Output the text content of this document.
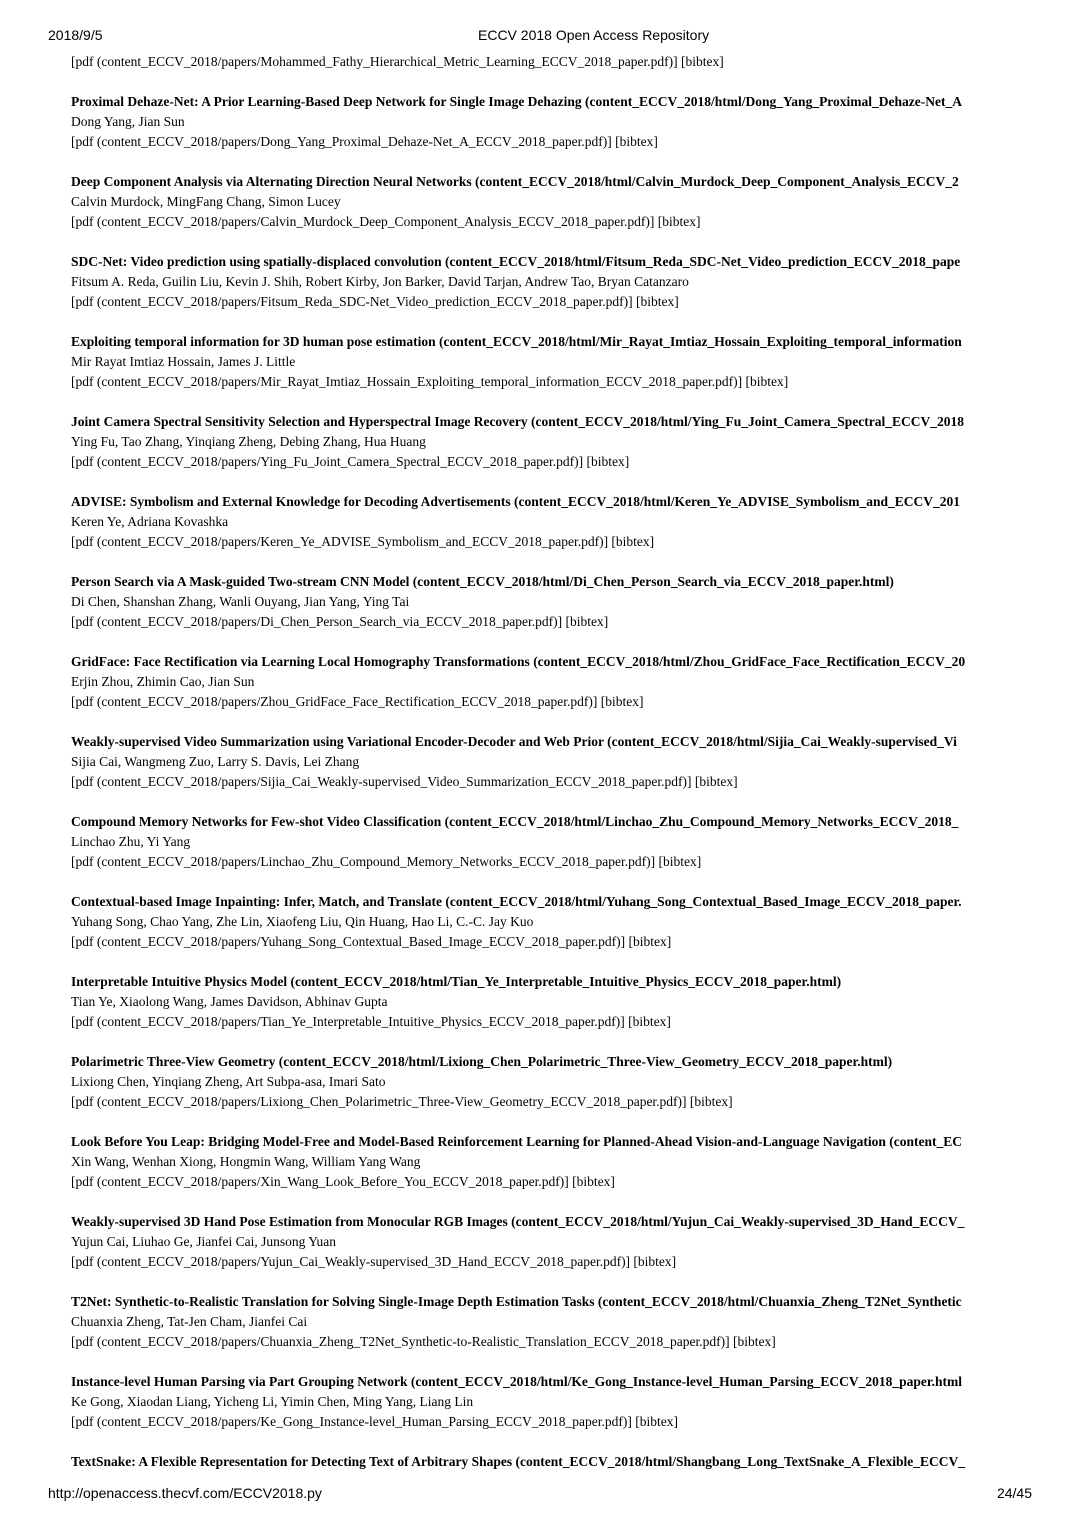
2018/9/5	ECCV 2018 Open Access Repository
[pdf (content_ECCV_2018/papers/Mohammed_Fathy_Hierarchical_Metric_Learning_ECCV_2018_paper.pdf)] [bibtex]
Proximal Dehaze-Net: A Prior Learning-Based Deep Network for Single Image Dehazing (content_ECCV_2018/html/Dong_Yang_Proximal_Dehaze-Net_A
Dong Yang, Jian Sun
[pdf (content_ECCV_2018/papers/Dong_Yang_Proximal_Dehaze-Net_A_ECCV_2018_paper.pdf)] [bibtex]
Deep Component Analysis via Alternating Direction Neural Networks (content_ECCV_2018/html/Calvin_Murdock_Deep_Component_Analysis_ECCV_2
Calvin Murdock, MingFang Chang, Simon Lucey
[pdf (content_ECCV_2018/papers/Calvin_Murdock_Deep_Component_Analysis_ECCV_2018_paper.pdf)] [bibtex]
SDC-Net: Video prediction using spatially-displaced convolution (content_ECCV_2018/html/Fitsum_Reda_SDC-Net_Video_prediction_ECCV_2018_pape
Fitsum A. Reda, Guilin Liu, Kevin J. Shih, Robert Kirby, Jon Barker, David Tarjan, Andrew Tao, Bryan Catanzaro
[pdf (content_ECCV_2018/papers/Fitsum_Reda_SDC-Net_Video_prediction_ECCV_2018_paper.pdf)] [bibtex]
Exploiting temporal information for 3D human pose estimation (content_ECCV_2018/html/Mir_Rayat_Imtiaz_Hossain_Exploiting_temporal_information
Mir Rayat Imtiaz Hossain, James J. Little
[pdf (content_ECCV_2018/papers/Mir_Rayat_Imtiaz_Hossain_Exploiting_temporal_information_ECCV_2018_paper.pdf)] [bibtex]
Joint Camera Spectral Sensitivity Selection and Hyperspectral Image Recovery (content_ECCV_2018/html/Ying_Fu_Joint_Camera_Spectral_ECCV_2018
Ying Fu, Tao Zhang, Yinqiang Zheng, Debing Zhang, Hua Huang
[pdf (content_ECCV_2018/papers/Ying_Fu_Joint_Camera_Spectral_ECCV_2018_paper.pdf)] [bibtex]
ADVISE: Symbolism and External Knowledge for Decoding Advertisements (content_ECCV_2018/html/Keren_Ye_ADVISE_Symbolism_and_ECCV_201
Keren Ye, Adriana Kovashka
[pdf (content_ECCV_2018/papers/Keren_Ye_ADVISE_Symbolism_and_ECCV_2018_paper.pdf)] [bibtex]
Person Search via A Mask-guided Two-stream CNN Model (content_ECCV_2018/html/Di_Chen_Person_Search_via_ECCV_2018_paper.html)
Di Chen, Shanshan Zhang, Wanli Ouyang, Jian Yang, Ying Tai
[pdf (content_ECCV_2018/papers/Di_Chen_Person_Search_via_ECCV_2018_paper.pdf)] [bibtex]
GridFace: Face Rectification via Learning Local Homography Transformations (content_ECCV_2018/html/Zhou_GridFace_Face_Rectification_ECCV_20
Erjin Zhou, Zhimin Cao, Jian Sun
[pdf (content_ECCV_2018/papers/Zhou_GridFace_Face_Rectification_ECCV_2018_paper.pdf)] [bibtex]
Weakly-supervised Video Summarization using Variational Encoder-Decoder and Web Prior (content_ECCV_2018/html/Sijia_Cai_Weakly-supervised_Vi
Sijia Cai, Wangmeng Zuo, Larry S. Davis, Lei Zhang
[pdf (content_ECCV_2018/papers/Sijia_Cai_Weakly-supervised_Video_Summarization_ECCV_2018_paper.pdf)] [bibtex]
Compound Memory Networks for Few-shot Video Classification (content_ECCV_2018/html/Linchao_Zhu_Compound_Memory_Networks_ECCV_2018_
Linchao Zhu, Yi Yang
[pdf (content_ECCV_2018/papers/Linchao_Zhu_Compound_Memory_Networks_ECCV_2018_paper.pdf)] [bibtex]
Contextual-based Image Inpainting: Infer, Match, and Translate (content_ECCV_2018/html/Yuhang_Song_Contextual_Based_Image_ECCV_2018_paper.
Yuhang Song, Chao Yang, Zhe Lin, Xiaofeng Liu, Qin Huang, Hao Li, C.-C. Jay Kuo
[pdf (content_ECCV_2018/papers/Yuhang_Song_Contextual_Based_Image_ECCV_2018_paper.pdf)] [bibtex]
Interpretable Intuitive Physics Model (content_ECCV_2018/html/Tian_Ye_Interpretable_Intuitive_Physics_ECCV_2018_paper.html)
Tian Ye, Xiaolong Wang, James Davidson, Abhinav Gupta
[pdf (content_ECCV_2018/papers/Tian_Ye_Interpretable_Intuitive_Physics_ECCV_2018_paper.pdf)] [bibtex]
Polarimetric Three-View Geometry (content_ECCV_2018/html/Lixiong_Chen_Polarimetric_Three-View_Geometry_ECCV_2018_paper.html)
Lixiong Chen, Yinqiang Zheng, Art Subpa-asa, Imari Sato
[pdf (content_ECCV_2018/papers/Lixiong_Chen_Polarimetric_Three-View_Geometry_ECCV_2018_paper.pdf)] [bibtex]
Look Before You Leap: Bridging Model-Free and Model-Based Reinforcement Learning for Planned-Ahead Vision-and-Language Navigation (content_EC
Xin Wang, Wenhan Xiong, Hongmin Wang, William Yang Wang
[pdf (content_ECCV_2018/papers/Xin_Wang_Look_Before_You_ECCV_2018_paper.pdf)] [bibtex]
Weakly-supervised 3D Hand Pose Estimation from Monocular RGB Images (content_ECCV_2018/html/Yujun_Cai_Weakly-supervised_3D_Hand_ECCV_
Yujun Cai, Liuhao Ge, Jianfei Cai, Junsong Yuan
[pdf (content_ECCV_2018/papers/Yujun_Cai_Weakly-supervised_3D_Hand_ECCV_2018_paper.pdf)] [bibtex]
T2Net: Synthetic-to-Realistic Translation for Solving Single-Image Depth Estimation Tasks (content_ECCV_2018/html/Chuanxia_Zheng_T2Net_Synthetic
Chuanxia Zheng, Tat-Jen Cham, Jianfei Cai
[pdf (content_ECCV_2018/papers/Chuanxia_Zheng_T2Net_Synthetic-to-Realistic_Translation_ECCV_2018_paper.pdf)] [bibtex]
Instance-level Human Parsing via Part Grouping Network (content_ECCV_2018/html/Ke_Gong_Instance-level_Human_Parsing_ECCV_2018_paper.html
Ke Gong, Xiaodan Liang, Yicheng Li, Yimin Chen, Ming Yang, Liang Lin
[pdf (content_ECCV_2018/papers/Ke_Gong_Instance-level_Human_Parsing_ECCV_2018_paper.pdf)] [bibtex]
TextSnake: A Flexible Representation for Detecting Text of Arbitrary Shapes (content_ECCV_2018/html/Shangbang_Long_TextSnake_A_Flexible_ECCV_
http://openaccess.thecvf.com/ECCV2018.py	24/45
